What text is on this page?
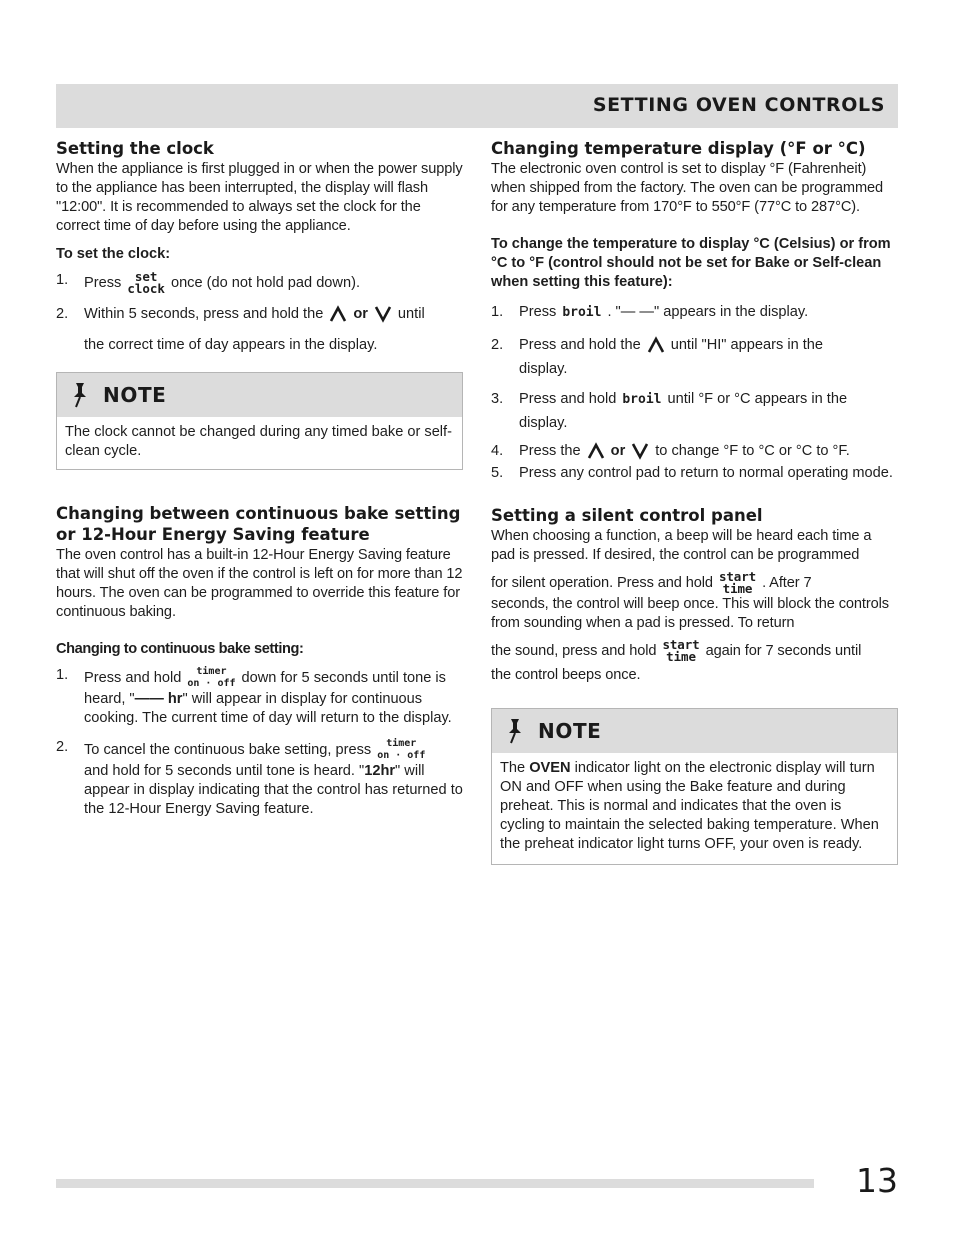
SETTING OVEN CONTROLS
Setting the clock

When the appliance is first plugged in or when the power supply to the appliance has been interrupted, the display will flash "12:00". It is recommended to always set the clock for the correct time of day before using the appliance.

To set the clock:

1. Press	set
clock once (do not hold pad down).
2. Within 5 seconds, press and hold the or until
the correct time of day appears in the display.
NOTE
The clock cannot be changed during any timed bake or self-clean cycle.
Changing between continuous bake setting or 12-Hour Energy Saving feature

The oven control has a built-in 12-Hour Energy Saving feature that will shut off the oven if the control is left on for more than 12 hours. The oven can be programmed to override this feature for continuous baking.

Changing to continuous bake setting:

1. Press and hold	timer
on · off down for 5 seconds until tone is
heard, "—— hr" will appear in display for continuous cooking. The current time of day will return to the display.
2. To cancel the continuous bake setting, press	timer
on · off

and hold for 5 seconds until tone is heard. "12hr" will appear in display indicating that the control has returned to the 12-Hour Energy Saving feature.
Changing temperature display (°F or °C)

The electronic oven control is set to display °F (Fahrenheit) when shipped from the factory. The oven can be programmed for any temperature from 170°F to 550°F (77°C to 287°C).

To change the temperature to display °C (Celsius) or from °C to °F (control should not be set for Bake or Self-clean when setting this feature):

1. Press broil . "— —" appears in the display.
2. Press and hold the until "HI" appears in the
display.
3. Press and hold broil until °F or °C appears in the
display.
4. Press the or to change °F to °C or °C to °F.
5. Press any control pad to return to normal operating mode.
Setting a silent control panel
When choosing a function, a beep will be heard each time a pad is pressed. If desired, the control can be programmed
for silent operation. Press and hold start
time . After 7
seconds, the control will beep once. This will block the controls from sounding when a pad is pressed. To return
the sound, press and hold start
time again for 7 seconds until
the control beeps once.
NOTE
The OVEN indicator light on the electronic display will turn ON and OFF when using the Bake feature and during preheat. This is normal and indicates that the oven is cycling to maintain the selected baking temperature. When the preheat indicator light turns OFF, your oven is ready.
13
